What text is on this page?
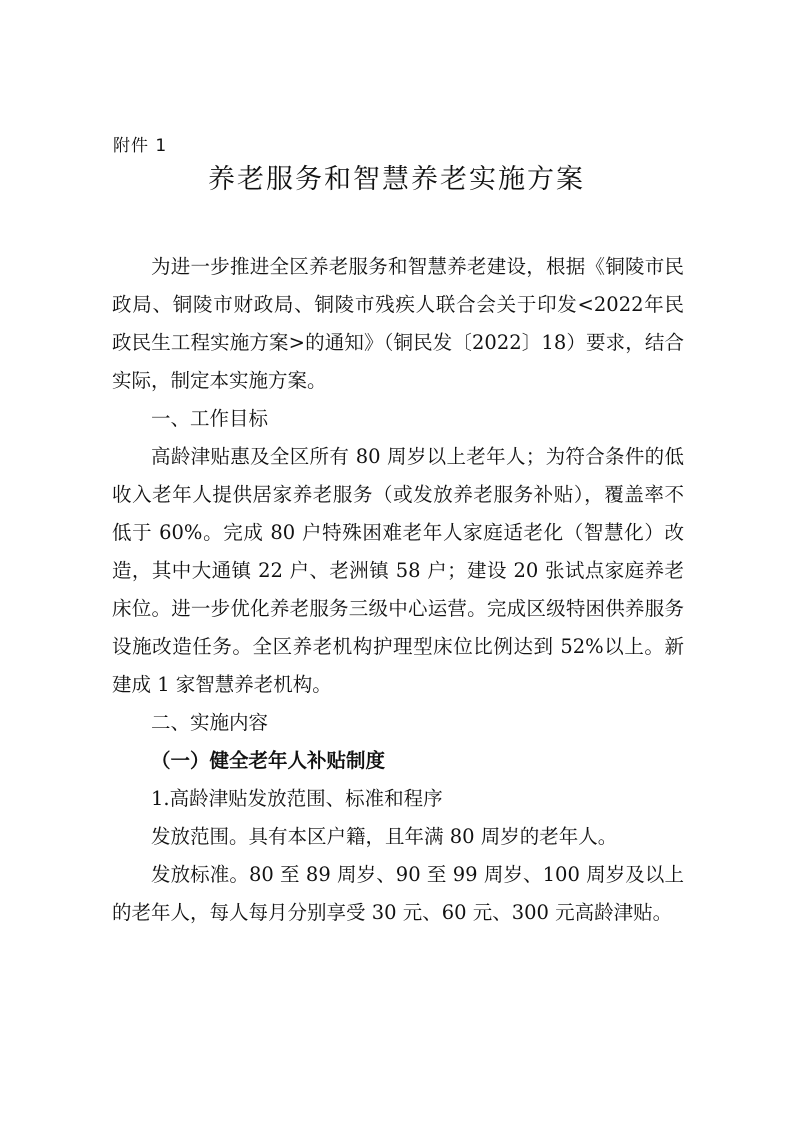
附件 1
养老服务和智慧养老实施方案

为进一步推进全区养老服务和智慧养老建设，根据《铜陵市民政局、铜陵市财政局、铜陵市残疾人联合会关于印发<2022年民政民生工程实施方案>的通知》（铜民发〔2022〕18）要求，结合实际，制定本实施方案。

一、工作目标

高龄津贴惠及全区所有 80 周岁以上老年人；为符合条件的低收入老年人提供居家养老服务（或发放养老服务补贴），覆盖率不低于 60%。完成 80 户特殊困难老年人家庭适老化（智慧化）改造，其中大通镇 22 户、老洲镇 58 户；建设 20 张试点家庭养老床位。进一步优化养老服务三级中心运营。完成区级特困供养服务设施改造任务。全区养老机构护理型床位比例达到 52%以上。新建成 1 家智慧养老机构。

二、实施内容

（一）健全老年人补贴制度

1.高龄津贴发放范围、标准和程序

发放范围。具有本区户籍，且年满 80 周岁的老年人。

发放标准。80 至 89 周岁、90 至 99 周岁、100 周岁及以上的老年人，每人每月分别享受 30 元、60 元、300 元高龄津贴。
